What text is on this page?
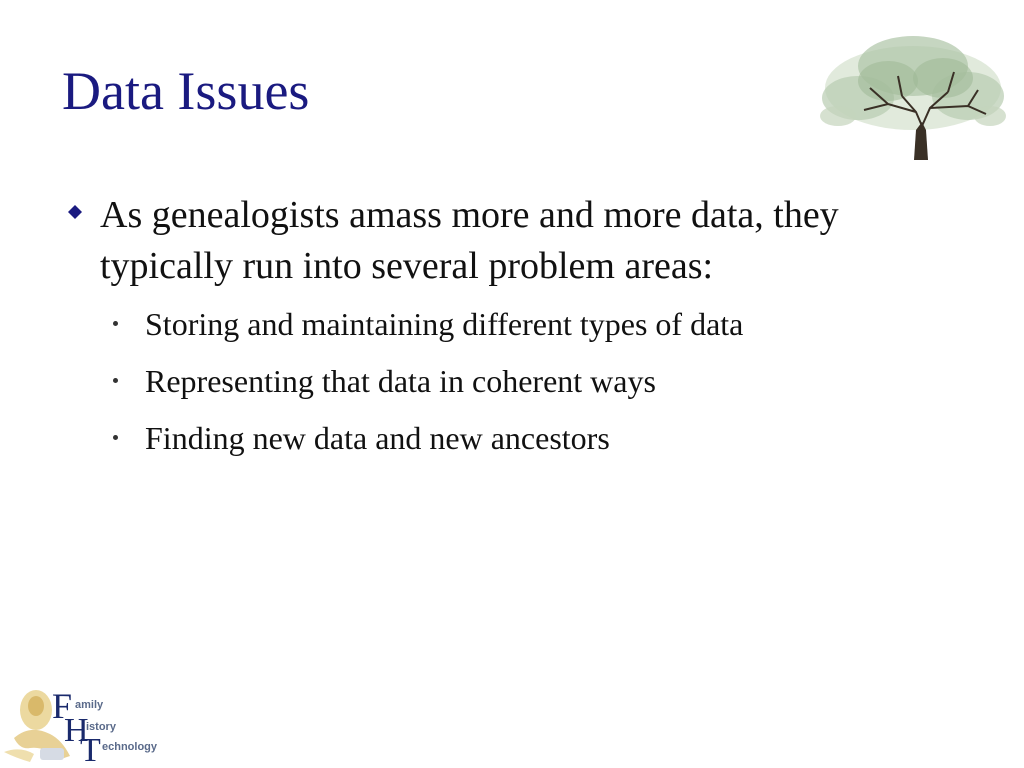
Data Issues
As genealogists amass more and more data, they typically run into several problem areas:
Storing and maintaining different types of data
Representing that data in coherent ways
Finding new data and new ancestors
F amily
H
istory
T echnology
